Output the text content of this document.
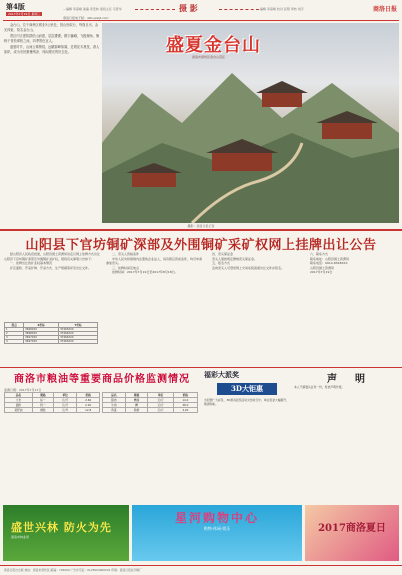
第4版
2017年7月19日 星期三
—编辑 李高峰 美编 李安林 值班主任 马普华	摄 影	—编辑 李高峰 校对 张明 审核 刘宇	商洛日报
商洛日报电子版：dzb.sxsljt.com

金台山，位于商州区城北3公里处，因山形似台，每逢日出，金光四射，故名金台山。

景区内古建筑群依山而建，层层叠叠，殿宇巍峨，飞檐翘角，掩映于青松翠柏之间，四季景色宜人。

盛夏时节，山间云雾缭绕，远眺群峰如黛，近观花木葱茏，游人如织，成为市民避暑纳凉、休闲观光的好去处。	盛夏金台山
商洛市商州区金台山景区
摄影：商洛日报记者
山阳县下官坊铜矿深部及外围铜矿采矿权网上挂牌出让公告

经山阳县人民政府批准，山阳县国土资源局决定以网上挂牌方式出让山阳县下官坊铜矿深部及外围铜矿采矿权，现将有关事项公告如下：

一、挂牌出让的矿业权基本情况

矿区面积、开采矿种、开采方式、生产规模等详见出让文件。

拐点	X坐标	Y坐标
1	3698XXX	37463XXX
2	3698XXX	37464XXX
3	3697XXX	37464XXX
4	3697XXX	37463XXX

二、竞买人资格条件

中华人民共和国境内注册的企业法人，具有相应资质条件，均可申请参加竞买。

三、挂牌时间及地点

挂牌时间：2017年7月19日至2017年8月18日。

四、竞买保证金

竞买人须按规定缴纳竞买保证金。

五、报名方式

意向竞买人可登录网上交易系统查阅出让文件并报名。

六、联系方式

联系地址：山阳县国土资源局

联系电话：0914-8328XXX

山阳县国土资源局

2017年7月19日

商洛市粮油等重要商品价格监测情况
监测日期：2017年7月17日
品名	规格	单位	价格
大米	标一	元/斤	2.60
面粉	特一	元/斤	2.20
菜籽油	桶装	元/升	12.8
品名	规格	单位	价格
猪肉	精瘦	元/斤	14.0
牛肉	精	元/斤	38.0
鸡蛋	新鲜	元/斤	4.20
福彩大派奖
3D大钜惠
为回馈广大彩民，3D游戏派奖活动火热进行中，单注奖金大幅提升，敬请购彩。
声明
本人不慎遗失证件一份，特此声明作废。
盛世兴林 防火为先
商洛市林业局
星河购物中心
购物·休闲·娱乐	2017商洛夏日
商洛日报社出版 地址：商洛市商州区 邮编：726000 广告许可证：6125004000001 印刷：商洛日报社印刷厂
